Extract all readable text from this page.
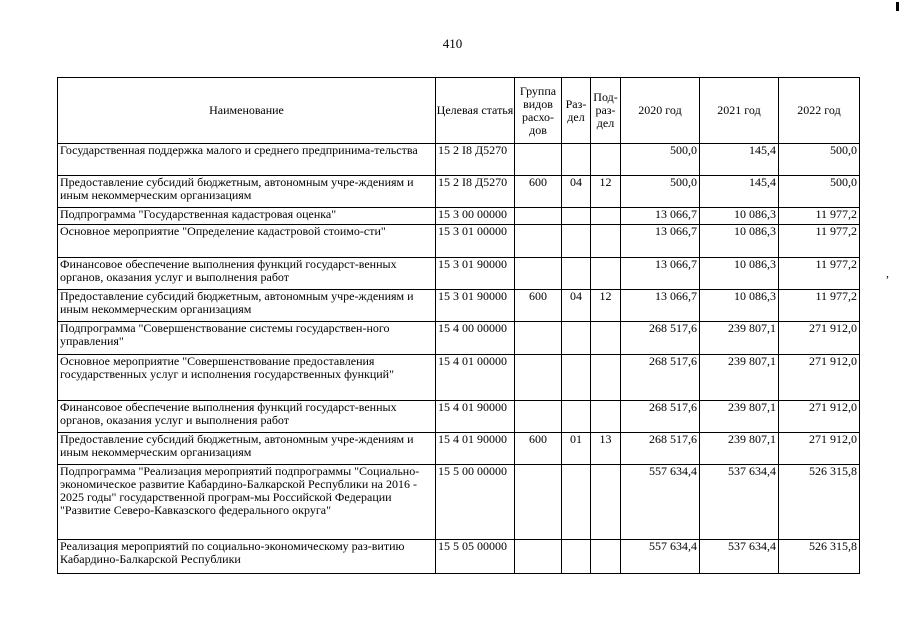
410
Наименование	Целевая статья	Группа видов расхо-дов	Раз-дел	Под-раз-дел	2020 год	2021 год	2022 год
Государственная поддержка малого и среднего предпринима-тельства	15 2 I8 Д5270				500,0	145,4	500,0
Предоставление субсидий бюджетным, автономным учре-ждениям и иным некоммерческим организациям	15 2 I8 Д5270	600	04	12	500,0	145,4	500,0
Подпрограмма "Государственная кадастровая оценка"	15 3 00 00000				13 066,7	10 086,3	11 977,2
Основное мероприятие "Определение кадастровой стоимо-сти"	15 3 01 00000				13 066,7	10 086,3	11 977,2
Финансовое обеспечение выполнения функций государст-венных органов, оказания услуг и выполнения работ	15 3 01 90000				13 066,7	10 086,3	11 977,2
Предоставление субсидий бюджетным, автономным учре-ждениям и иным некоммерческим организациям	15 3 01 90000	600	04	12	13 066,7	10 086,3	11 977,2
Подпрограмма "Совершенствование системы государствен-ного управления"	15 4 00 00000				268 517,6	239 807,1	271 912,0
Основное мероприятие "Совершенствование предоставления государственных услуг и исполнения государственных функций"	15 4 01 00000				268 517,6	239 807,1	271 912,0
Финансовое обеспечение выполнения функций государст-венных органов, оказания услуг и выполнения работ	15 4 01 90000				268 517,6	239 807,1	271 912,0
Предоставление субсидий бюджетным, автономным учре-ждениям и иным некоммерческим организациям	15 4 01 90000	600	01	13	268 517,6	239 807,1	271 912,0
Подпрограмма "Реализация мероприятий подпрограммы "Социально-экономическое развитие Кабардино-Балкарской Республики на 2016 - 2025 годы" государственной програм-мы Российской Федерации "Развитие Северо-Кавказского федерального округа"	15 5 00 00000				557 634,4	537 634,4	526 315,8
Реализация мероприятий по социально-экономическому раз-витию Кабардино-Балкарской Республики	15 5 05 00000				557 634,4	537 634,4	526 315,8
,
